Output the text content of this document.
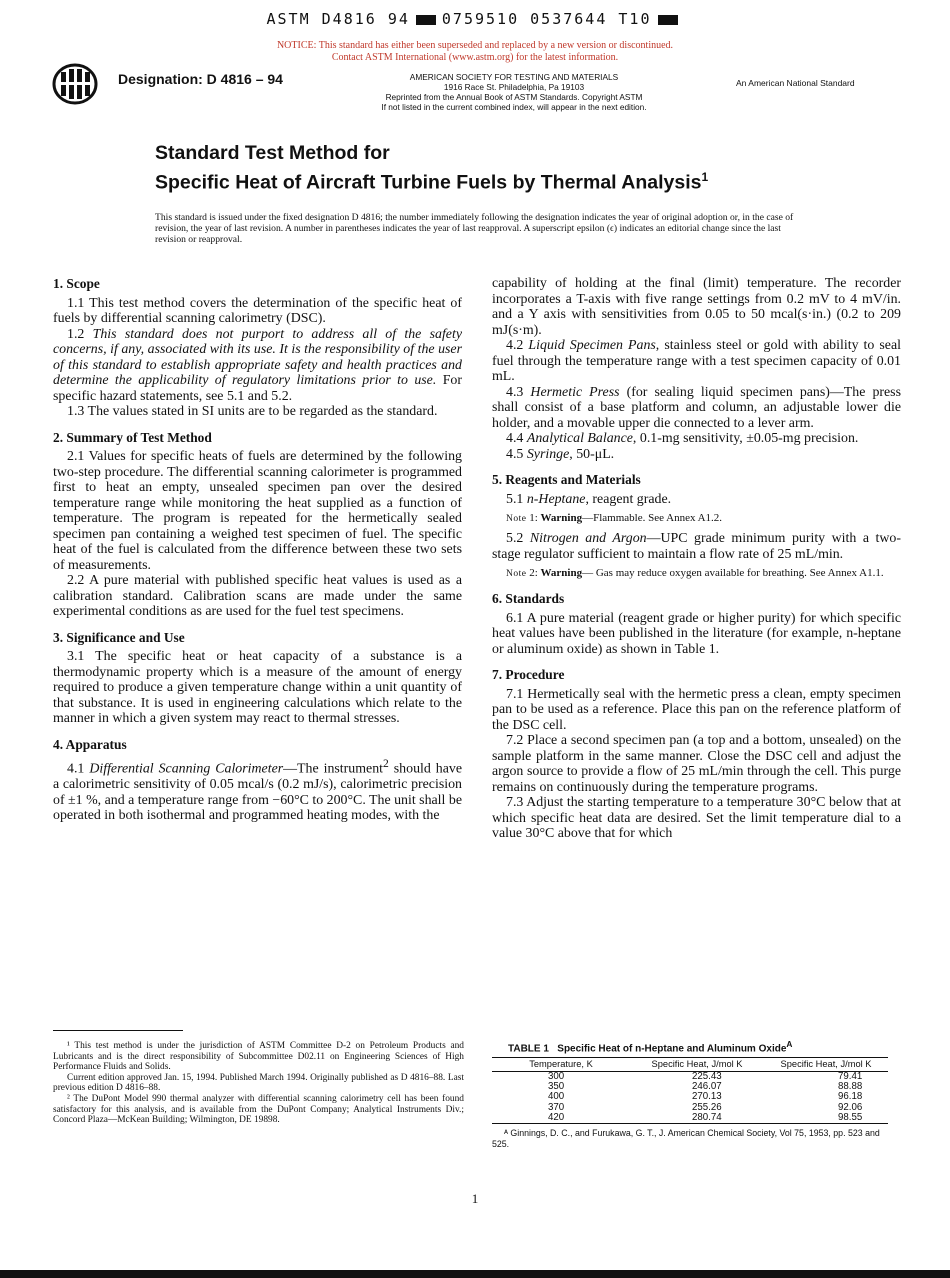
ASTM D4816 94 0759510 0537644 T10
NOTICE: This standard has either been superseded and replaced by a new version or discontinued.
Contact ASTM International (www.astm.org) for the latest information.
Designation: D 4816 – 94	AMERICAN SOCIETY FOR TESTING AND MATERIALS
1916 Race St. Philadelphia, Pa 19103
Reprinted from the Annual Book of ASTM Standards. Copyright ASTM
If not listed in the current combined index, will appear in the next edition.
An American National Standard
Standard Test Method for
Specific Heat of Aircraft Turbine Fuels by Thermal Analysis$^1$
This standard is issued under the fixed designation D 4816; the number immediately following the designation indicates the year of original adoption or, in the case of revision, the year of last revision. A number in parentheses indicates the year of last reapproval. A superscript epsilon (ϵ) indicates an editorial change since the last revision or reapproval.
1. Scope

1.1 This test method covers the determination of the specific heat of fuels by differential scanning calorimetry (DSC).

1.2 This standard does not purport to address all of the safety concerns, if any, associated with its use. It is the responsibility of the user of this standard to establish appropriate safety and health practices and determine the applicability of regulatory limitations prior to use. For specific hazard statements, see 5.1 and 5.2.

1.3 The values stated in SI units are to be regarded as the standard.

2. Summary of Test Method

2.1 Values for specific heats of fuels are determined by the following two-step procedure. The differential scanning calorimeter is programmed first to heat an empty, unsealed specimen pan over the desired temperature range while monitoring the heat supplied as a function of temperature. The program is repeated for the hermetically sealed specimen pan containing a weighed test specimen of fuel. The specific heat of the fuel is calculated from the difference between these two sets of measurements.

2.2 A pure material with published specific heat values is used as a calibration standard. Calibration scans are made under the same experimental conditions as are used for the fuel test specimens.

3. Significance and Use

3.1 The specific heat or heat capacity of a substance is a thermodynamic property which is a measure of the amount of energy required to produce a given temperature change within a unit quantity of that substance. It is used in engineering calculations which relate to the manner in which a given system may react to thermal stresses.

4. Apparatus

4.1 Differential Scanning Calorimeter—The instrument$^2$ should have a calorimetric sensitivity of 0.05 mcal/s (0.2 mJ/s), calorimetric precision of ±1 %, and a temperature range from −60°C to 200°C. The unit shall be operated in both isothermal and programmed heating modes, with the

capability of holding at the final (limit) temperature. The recorder incorporates a T-axis with five range settings from 0.2 mV to 4 mV/in. and a Y axis with sensitivities from 0.05 to 50 mcal(s·in.) (0.2 to 209 mJ(s·m).

4.2 Liquid Specimen Pans, stainless steel or gold with ability to seal fuel through the temperature range with a test specimen capacity of 0.01 mL.

4.3 Hermetic Press (for sealing liquid specimen pans)—The press shall consist of a base platform and column, an adjustable lower die holder, and a movable upper die connected to a lever arm.

4.4 Analytical Balance, 0.1-mg sensitivity, ±0.05-mg precision.

4.5 Syringe, 50-μL.

5. Reagents and Materials

5.1 n-Heptane, reagent grade.

Note 1: Warning—Flammable. See Annex A1.2.

5.2 Nitrogen and Argon—UPC grade minimum purity with a two-stage regulator sufficient to maintain a flow rate of 25 mL/min.

Note 2: Warning— Gas may reduce oxygen available for breathing. See Annex A1.1.

6. Standards

6.1 A pure material (reagent grade or higher purity) for which specific heat values have been published in the literature (for example, n-heptane or aluminum oxide) as shown in Table 1.

7. Procedure

7.1 Hermetically seal with the hermetic press a clean, empty specimen pan to be used as a reference. Place this pan on the reference platform of the DSC cell.

7.2 Place a second specimen pan (a top and a bottom, unsealed) on the sample platform in the same manner. Close the DSC cell and adjust the argon source to provide a flow of 25 mL/min through the cell. This purge remains on continuously during the temperature programs.

7.3 Adjust the starting temperature to a temperature 30°C below that at which specific heat data are desired. Set the limit temperature dial to a value 30°C above that for which

¹ This test method is under the jurisdiction of ASTM Committee D-2 on Petroleum Products and Lubricants and is the direct responsibility of Subcommittee D02.11 on Engineering Sciences of High Performance Fluids and Solids.

Current edition approved Jan. 15, 1994. Published March 1994. Originally published as D 4816–88. Last previous edition D 4816–88.

² The DuPont Model 990 thermal analyzer with differential scanning calorimetry cell has been found satisfactory for this analysis, and is available from the DuPont Company; Analytical Instruments Div.; Concord Plaza—McKean Building; Wilmington, DE 19898.

TABLE 1 Specific Heat of n-Heptane and Aluminum Oxide$^A$
Temperature, K	Specific Heat, J/mol K	Specific Heat, J/mol K
300	225.43	79.41
350	246.07	88.88
400	270.13	96.18
370	255.26	92.06
420	280.74	98.55
ᴬ Ginnings, D. C., and Furukawa, G. T., J. American Chemical Society, Vol 75, 1953, pp. 523 and 525.
1
